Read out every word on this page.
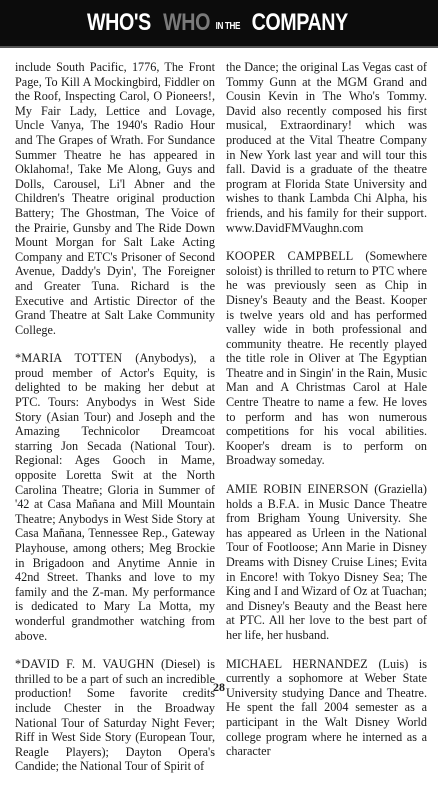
WHO'S
WHO
IN THE COMPANY

include South Pacific, 1776, The Front Page, To Kill A Mockingbird, Fiddler on the Roof, Inspecting Carol, O Pioneers!, My Fair Lady, Lettice and Lovage, Uncle Vanya, The 1940's Radio Hour and The Grapes of Wrath. For Sundance Summer Theatre he has appeared in Oklahoma!, Take Me Along, Guys and Dolls, Carousel, Li'l Abner and the Children's Theatre original production Battery; The Ghostman, The Voice of the Prairie, Gunsby and The Ride Down Mount Morgan for Salt Lake Acting Company and ETC's Prisoner of Second Avenue, Daddy's Dyin', The Foreigner and Greater Tuna. Richard is the Executive and Artistic Director of the Grand Theatre at Salt Lake Community College.

*MARIA TOTTEN (Anybodys), a proud member of Actor's Equity, is delighted to be making her debut at PTC. Tours: Anybodys in West Side Story (Asian Tour) and Joseph and the Amazing Technicolor Dreamcoat starring Jon Secada (National Tour). Regional: Ages Gooch in Mame, opposite Loretta Swit at the North Carolina Theatre; Gloria in Summer of '42 at Casa Mañana and Mill Mountain Theatre; Anybodys in West Side Story at Casa Mañana, Tennessee Rep., Gateway Playhouse, among others; Meg Brockie in Brigadoon and Anytime Annie in 42nd Street. Thanks and love to my family and the Z-man. My performance is dedicated to Mary La Motta, my wonderful grandmother watching from above.

*DAVID F. M. VAUGHN (Diesel) is thrilled to be a part of such an incredible production! Some favorite credits include Chester in the Broadway National Tour of Saturday Night Fever; Riff in West Side Story (European Tour, Reagle Players); Dayton Opera's Candide; the National Tour of Spirit of

the Dance; the original Las Vegas cast of Tommy Gunn at the MGM Grand and Cousin Kevin in The Who's Tommy. David also recently composed his first musical, Extraordinary! which was produced at the Vital Theatre Company in New York last year and will tour this fall. David is a graduate of the theatre program at Florida State University and wishes to thank Lambda Chi Alpha, his friends, and his family for their support. www.DavidFMVaughn.com

KOOPER CAMPBELL (Somewhere soloist) is thrilled to return to PTC where he was previously seen as Chip in Disney's Beauty and the Beast. Kooper is twelve years old and has performed valley wide in both professional and community theatre. He recently played the title role in Oliver at The Egyptian Theatre and in Singin' in the Rain, Music Man and A Christmas Carol at Hale Centre Theatre to name a few. He loves to perform and has won numerous competitions for his vocal abilities. Kooper's dream is to perform on Broadway someday.

AMIE ROBIN EINERSON (Graziella) holds a B.F.A. in Music Dance Theatre from Brigham Young University. She has appeared as Urleen in the National Tour of Footloose; Ann Marie in Disney Dreams with Disney Cruise Lines; Evita in Encore! with Tokyo Disney Sea; The King and I and Wizard of Oz at Tuachan; and Disney's Beauty and the Beast here at PTC. All her love to the best part of her life, her husband.

MICHAEL HERNANDEZ (Luis) is currently a sophomore at Weber State University studying Dance and Theatre. He spent the fall 2004 semester as a participant in the Walt Disney World college program where he interned as a character

28
